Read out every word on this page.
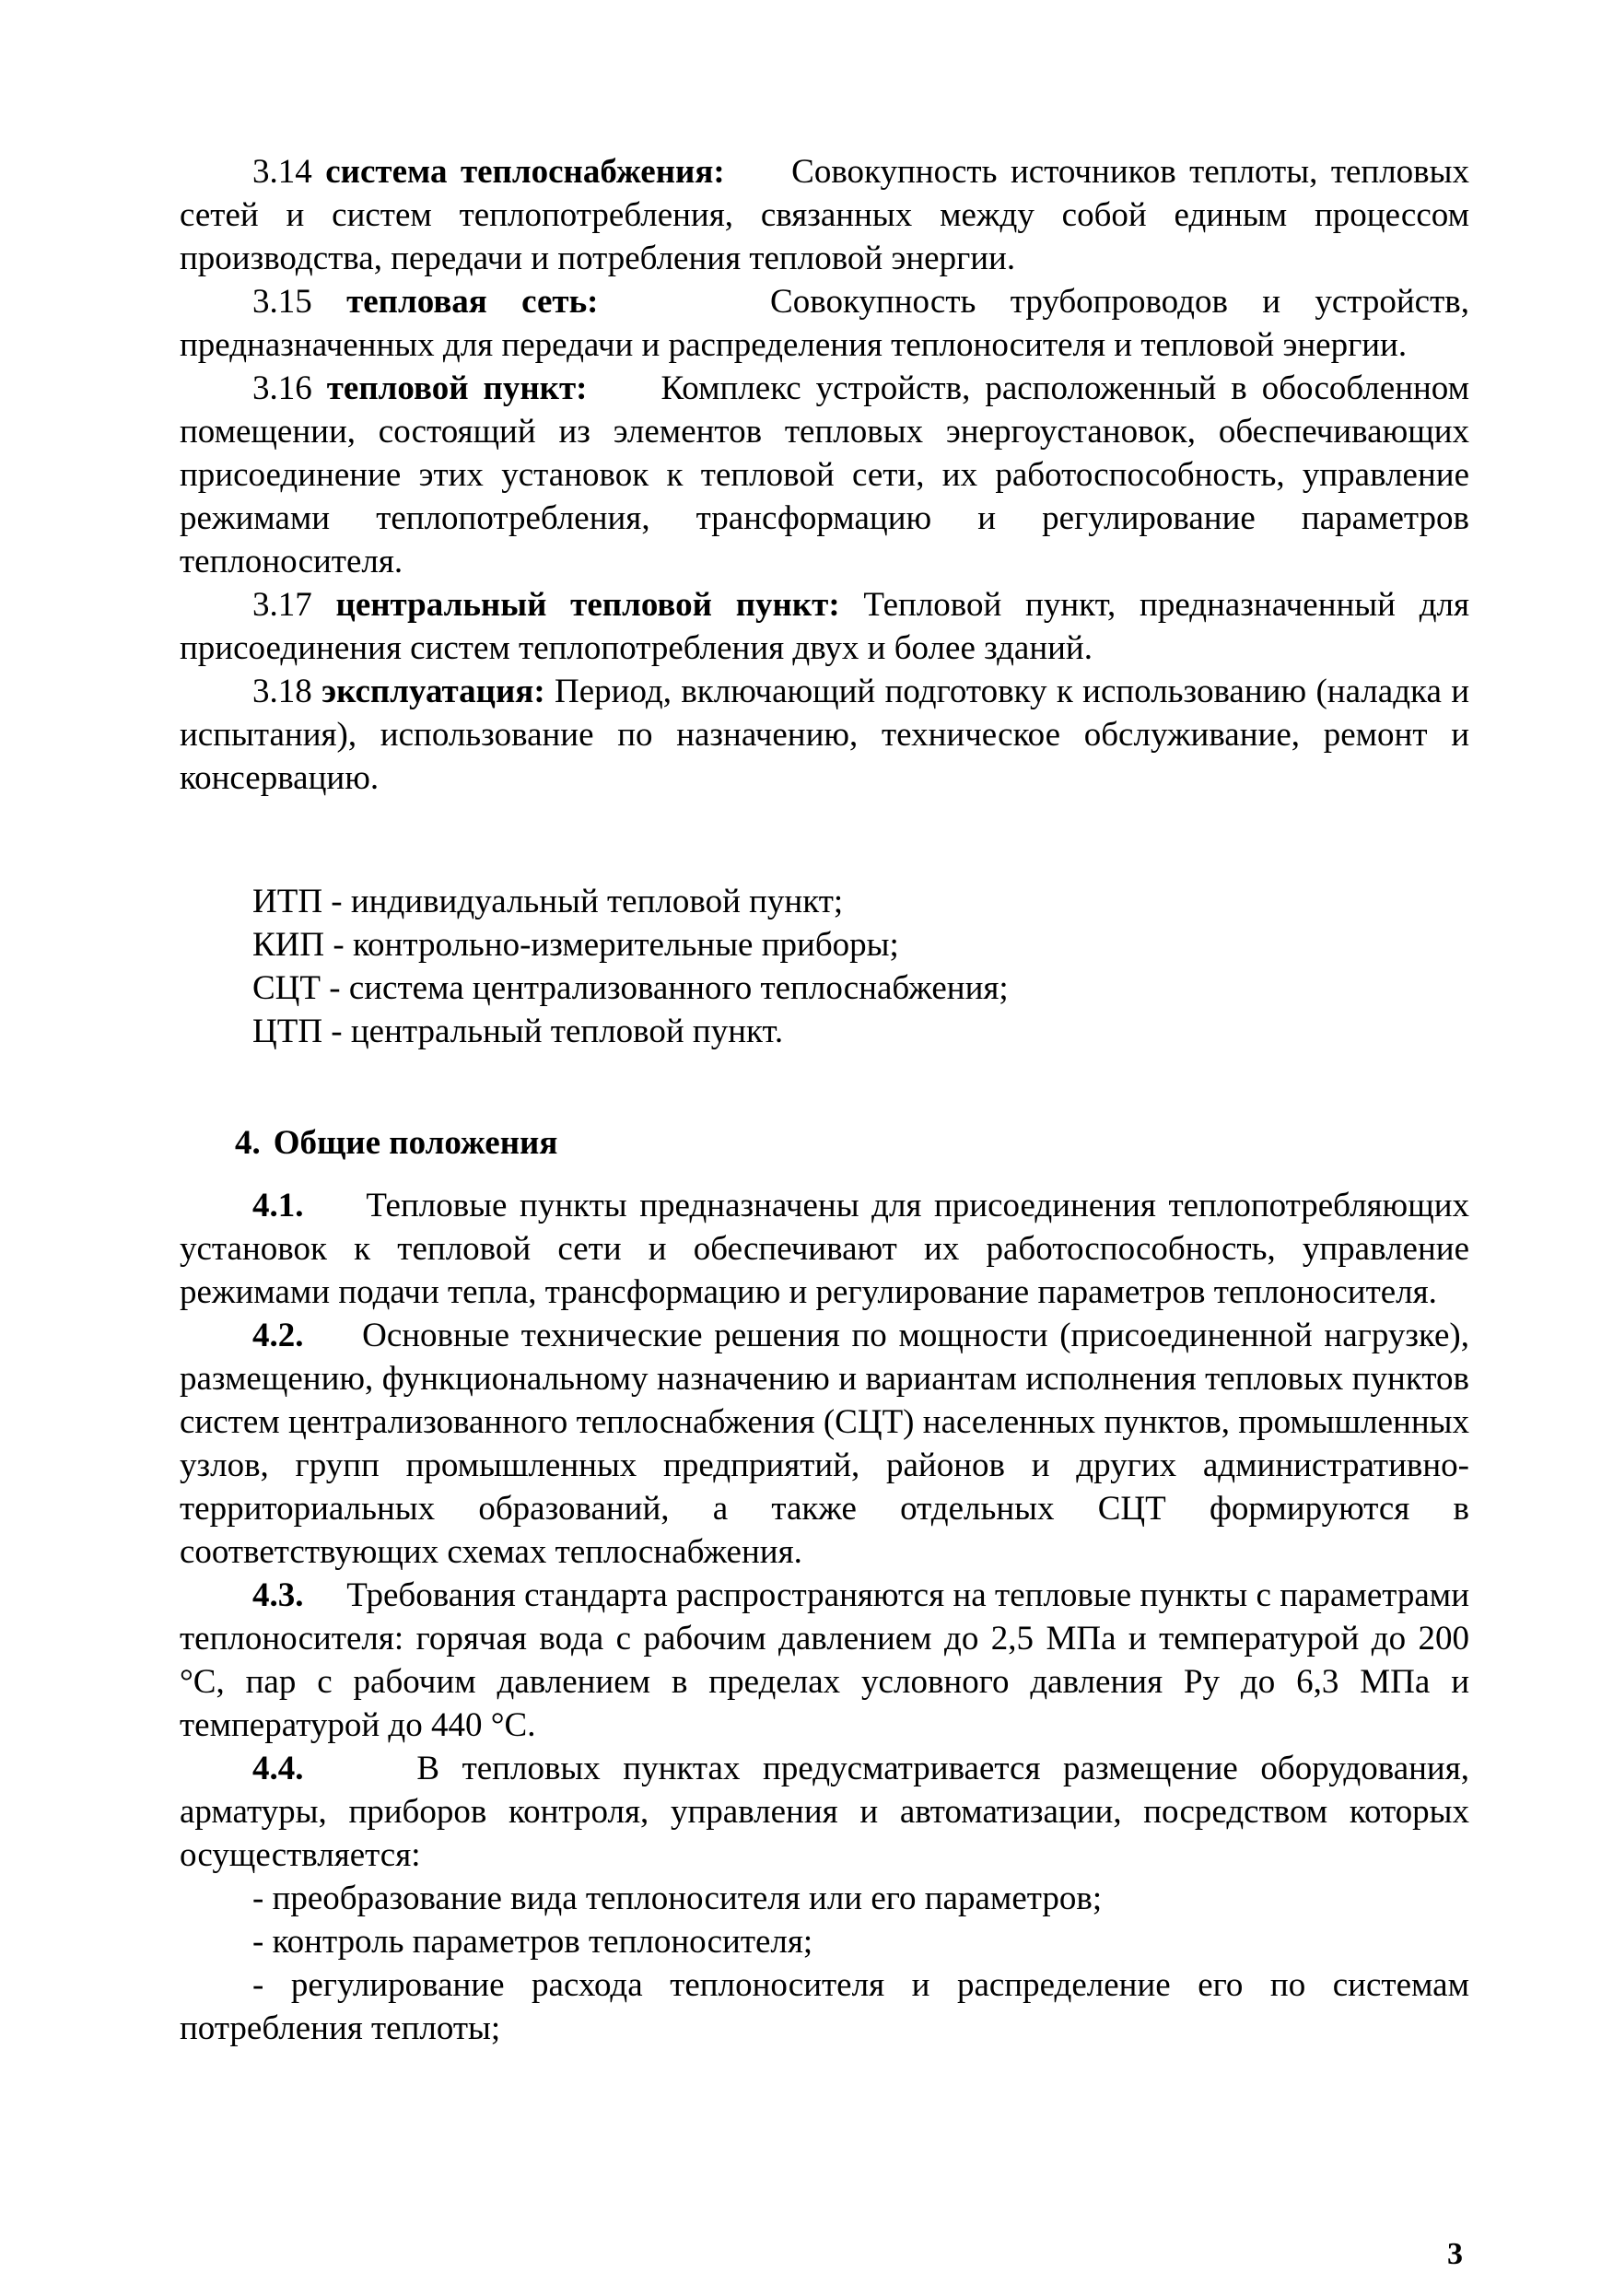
3.14 система теплоснабжения: Совокупность источников теплоты, тепловых сетей и систем теплопотребления, связанных между собой единым процессом производства, передачи и потребления тепловой энергии.

3.15 тепловая сеть:	Совокупность трубопроводов и устройств, предназначенных для передачи и распределения теплоносителя и тепловой энергии.

3.16 тепловой пункт: Комплекс устройств, расположенный в обособленном помещении, состоящий из элементов тепловых энергоустановок, обеспечивающих присоединение этих установок к тепловой сети, их работоспособность, управление режимами теплопотребления, трансформацию и регулирование параметров теплоносителя.

3.17 центральный тепловой пункт: Тепловой пункт, предназначенный для присоединения систем теплопотребления двух и более зданий.

3.18 эксплуатация: Период, включающий подготовку к использованию (наладка и испытания), использование по назначению, техническое обслуживание, ремонт и консервацию.

ИТП - индивидуальный тепловой пункт;

КИП - контрольно-измерительные приборы;

СЦТ - система централизованного теплоснабжения;

ЦТП - центральный тепловой пункт.

4. Общие положения

4.1. Тепловые пункты предназначены для присоединения теплопотребляющих установок к тепловой сети и обеспечивают их работоспособность, управление режимами подачи тепла, трансформацию и регулирование параметров теплоносителя.

4.2. Основные технические решения по мощности (присоединенной нагрузке), размещению, функциональному назначению и вариантам исполнения тепловых пунктов систем централизованного теплоснабжения (СЦТ) населенных пунктов, промышленных узлов, групп промышленных предприятий, районов и других административно-территориальных образований, а также отдельных СЦТ формируются в соответствующих схемах теплоснабжения.

4.3. Требования стандарта распространяются на тепловые пункты с параметрами теплоносителя: горячая вода с рабочим давлением до 2,5 МПа и температурой до 200 °С, пар с рабочим давлением в пределах условного давления Ру до 6,3 МПа и температурой до 440 °С.

4.4.	В тепловых пунктах предусматривается размещение оборудования, арматуры, приборов контроля, управления и автоматизации, посредством которых осуществляется:

- преобразование вида теплоносителя или его параметров;

- контроль параметров теплоносителя;

- регулирование расхода теплоносителя и распределение его по системам потребления теплоты;

3
